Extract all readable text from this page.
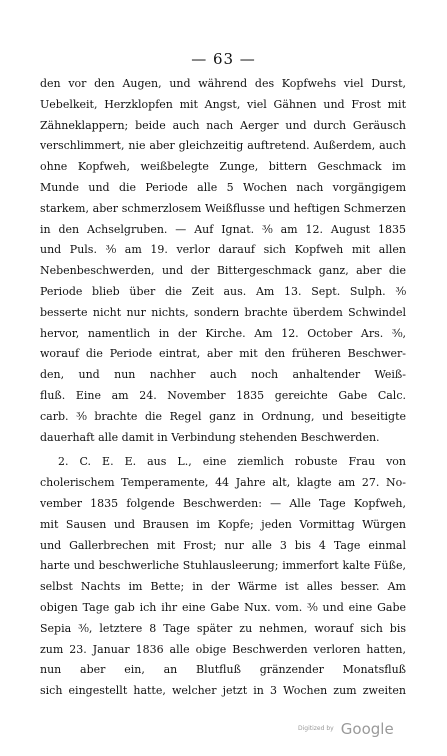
— 63 —
den vor den Augen, und während des Kopfwehs viel Durst,
Uebelkeit, Herzklopfen mit Angst, viel Gähnen und Frost mit
Zähneklappern; beide auch nach Aerger und durch Geräusch
verschlimmert, nie aber gleichzeitig auftretend. Außerdem, auch
ohne Kopfweh, weißbelegte Zunge, bittern Geschmack im
Munde und die Periode alle 5 Wochen nach vorgängigem
starkem, aber schmerzlosem Weißflusse und heftigen Schmerzen
in den Achselgruben. — Auf Ignat. ³⁄₀ am 12. August 1835
und Puls. ³⁄₀ am 19. verlor darauf sich Kopfweh mit allen
Nebenbeschwerden, und der Bittergeschmack ganz, aber die
Periode blieb über die Zeit aus. Am 13. Sept. Sulph. ³⁄₀
besserte nicht nur nichts, sondern brachte überdem Schwindel
hervor, namentlich in der Kirche. Am 12. October Ars. ³⁄₀,
worauf die Periode eintrat, aber mit den früheren Beschwer-
den, und nun nachher auch noch anhaltender Weiß-
fluß. Eine am 24. November 1835 gereichte Gabe Calc.
carb. ³⁄₀ brachte die Regel ganz in Ordnung, und beseitigte
dauerhaft alle damit in Verbindung stehenden Beschwerden.
2. C. E. E. aus L., eine ziemlich robuste Frau von
cholerischem Temperamente, 44 Jahre alt, klagte am 27. No-
vember 1835 folgende Beschwerden: — Alle Tage Kopfweh,
mit Sausen und Brausen im Kopfe; jeden Vormittag Würgen
und Gallerbrechen mit Frost; nur alle 3 bis 4 Tage einmal
harte und beschwerliche Stuhlausleerung; immerfort kalte Füße,
selbst Nachts im Bette; in der Wärme ist alles besser. Am
obigen Tage gab ich ihr eine Gabe Nux. vom. ³⁄₀ und eine Gabe
Sepia ³⁄₀, letztere 8 Tage später zu nehmen, worauf sich bis
zum 23. Januar 1836 alle obige Beschwerden verloren hatten,
nun aber ein, an Blutfluß gränzender Monatsfluß
sich eingestellt hatte, welcher jetzt in 3 Wochen zum zweiten
Digitized by Google
